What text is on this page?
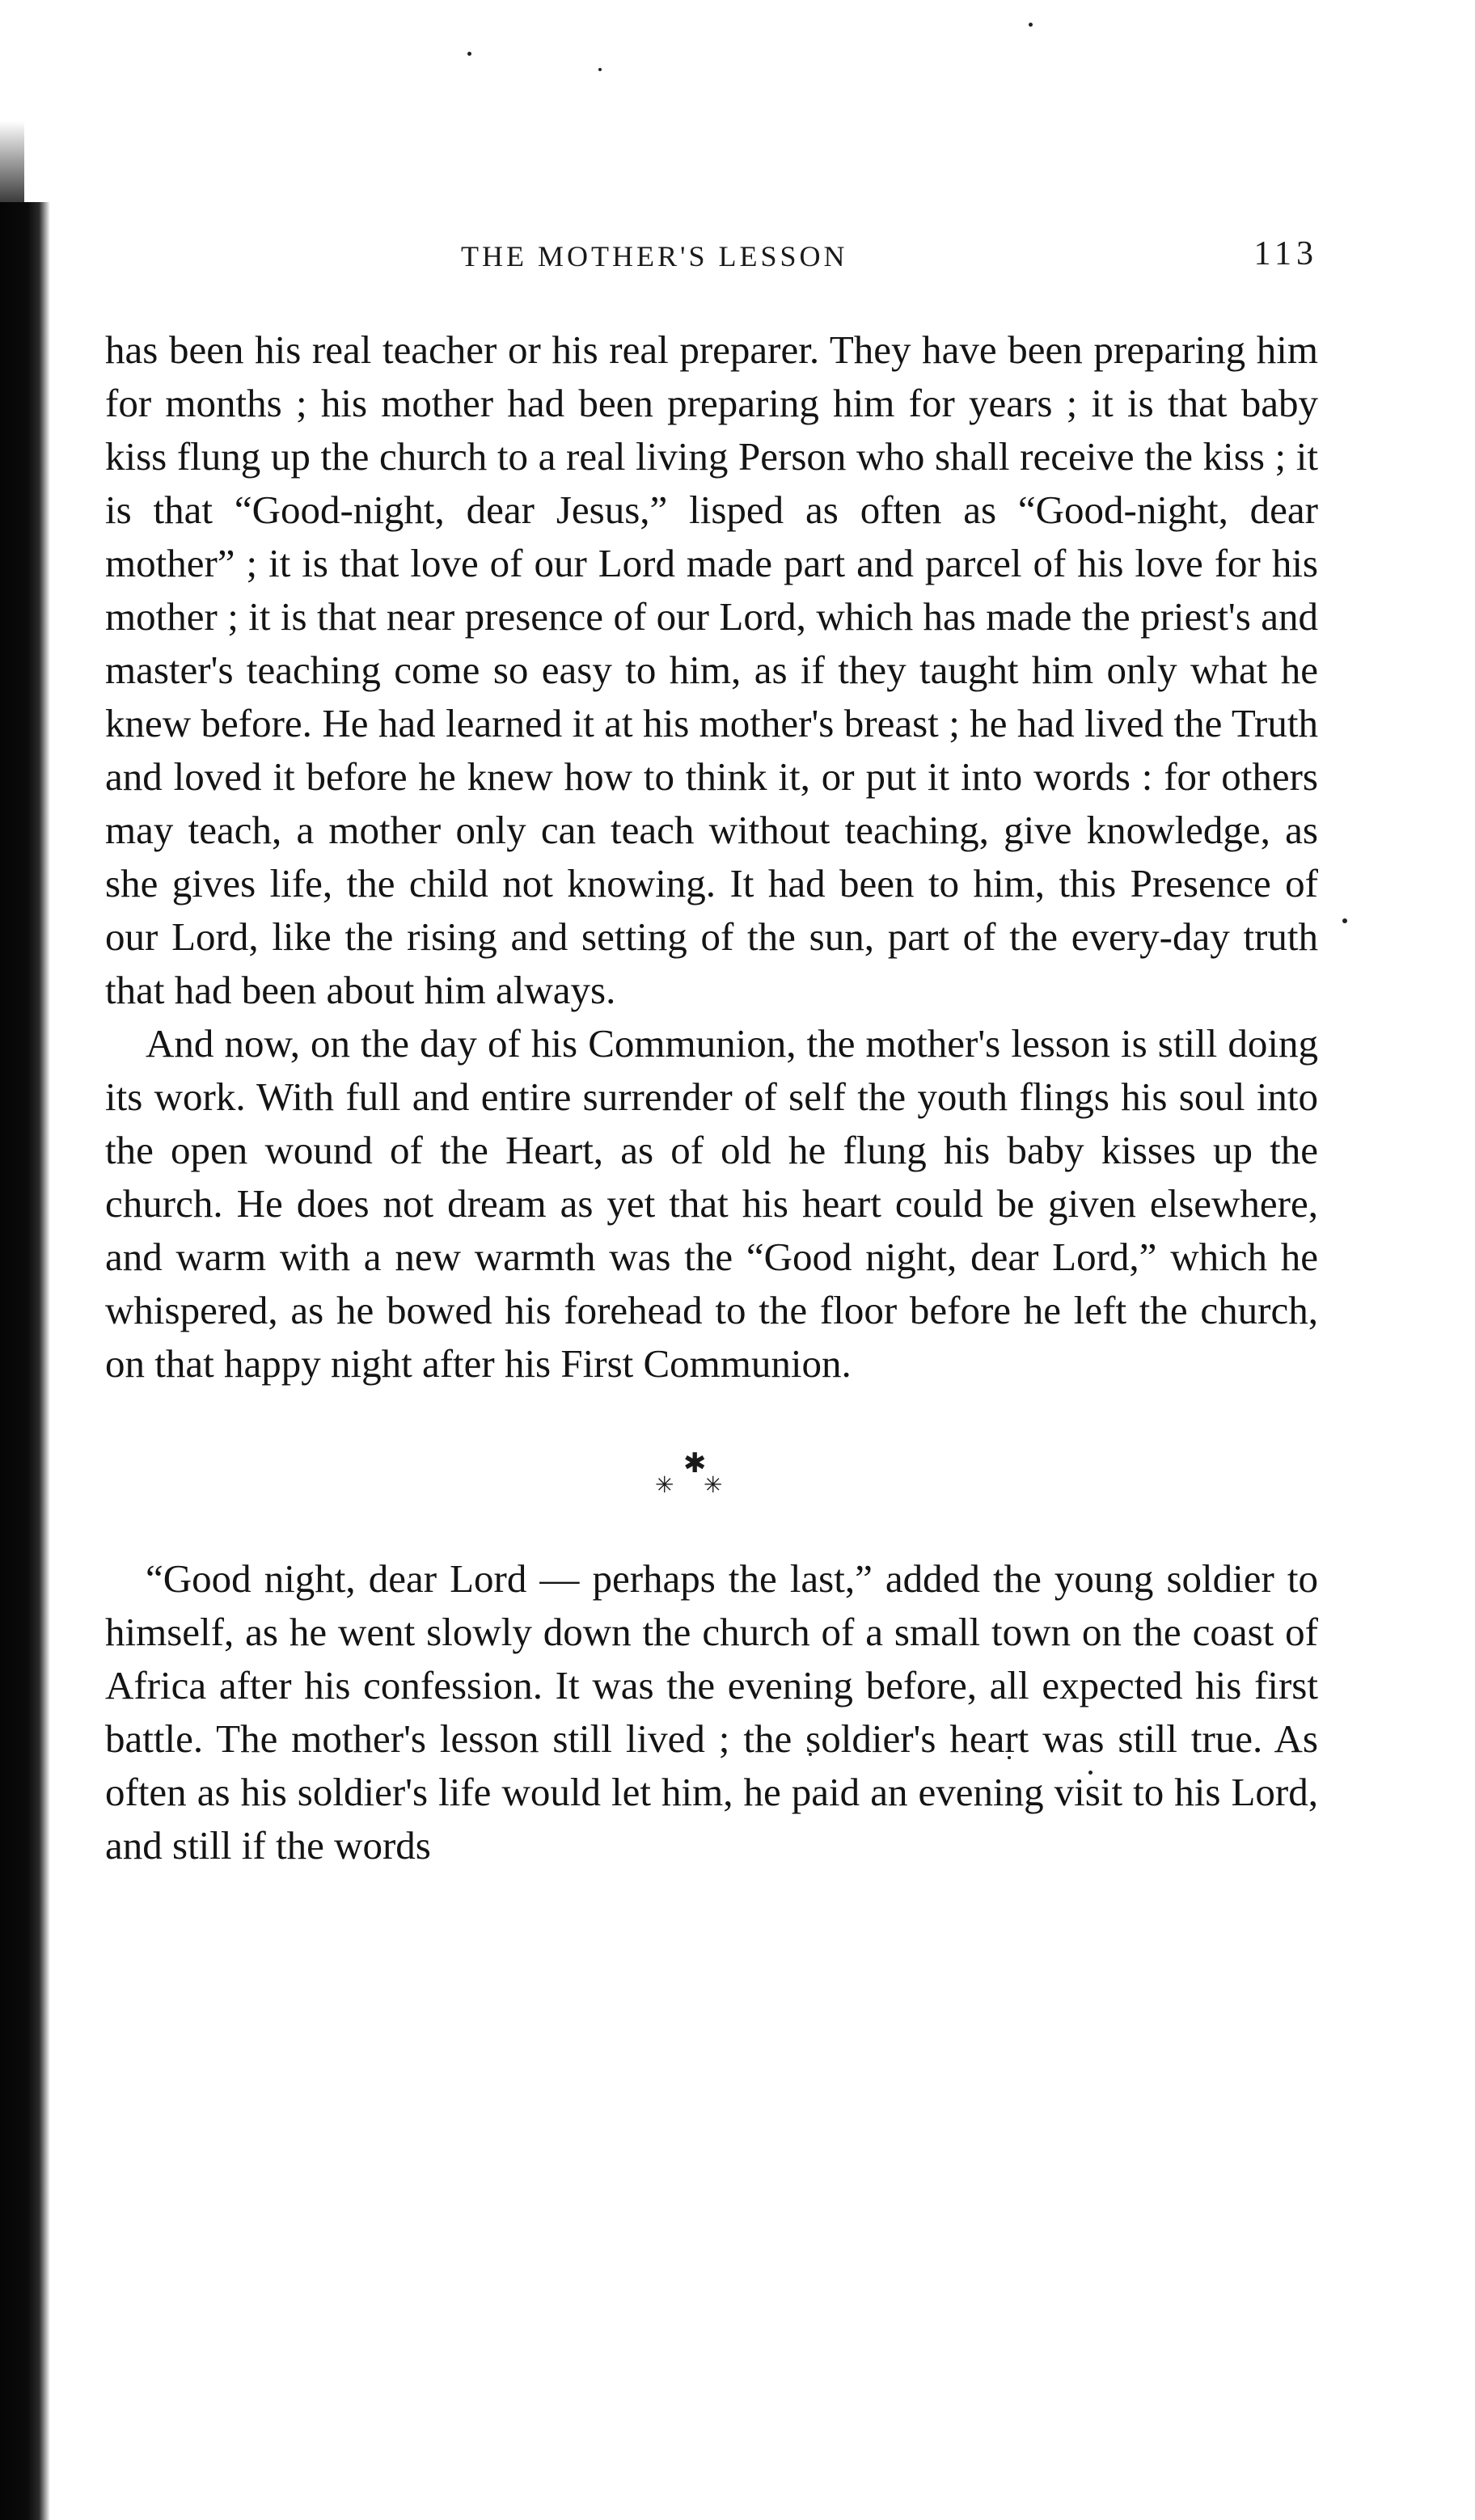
THE MOTHER'S LESSON	113

has been his real teacher or his real preparer. They have been preparing him for months ; his mother had been preparing him for years ; it is that baby kiss flung up the church to a real living Person who shall receive the kiss ; it is that “Good-night, dear Jesus,” lisped as often as “Good-night, dear mother” ; it is that love of our Lord made part and parcel of his love for his mother ; it is that near presence of our Lord, which has made the priest's and master's teaching come so easy to him, as if they taught him only what he knew before. He had learned it at his mother's breast ; he had lived the Truth and loved it before he knew how to think it, or put it into words : for others may teach, a mother only can teach without teaching, give knowledge, as she gives life, the child not knowing. It had been to him, this Presence of our Lord, like the rising and setting of the sun, part of the every-day truth that had been about him always.

And now, on the day of his Communion, the mother's lesson is still doing its work. With full and entire surrender of self the youth flings his soul into the open wound of the Heart, as of old he flung his baby kisses up the church. He does not dream as yet that his heart could be given elsewhere, and warm with a new warmth was the “Good night, dear Lord,” which he whispered, as he bowed his forehead to the floor before he left the church, on that happy night after his First Communion.

✱
✳ ✳

“Good night, dear Lord — perhaps the last,” added the young soldier to himself, as he went slowly down the church of a small town on the coast of Africa after his confession. It was the evening before, all expected his first battle. The mother's lesson still lived ; the soldier's heart was still true. As often as his soldier's life would let him, he paid an evening visit to his Lord, and still if the words
